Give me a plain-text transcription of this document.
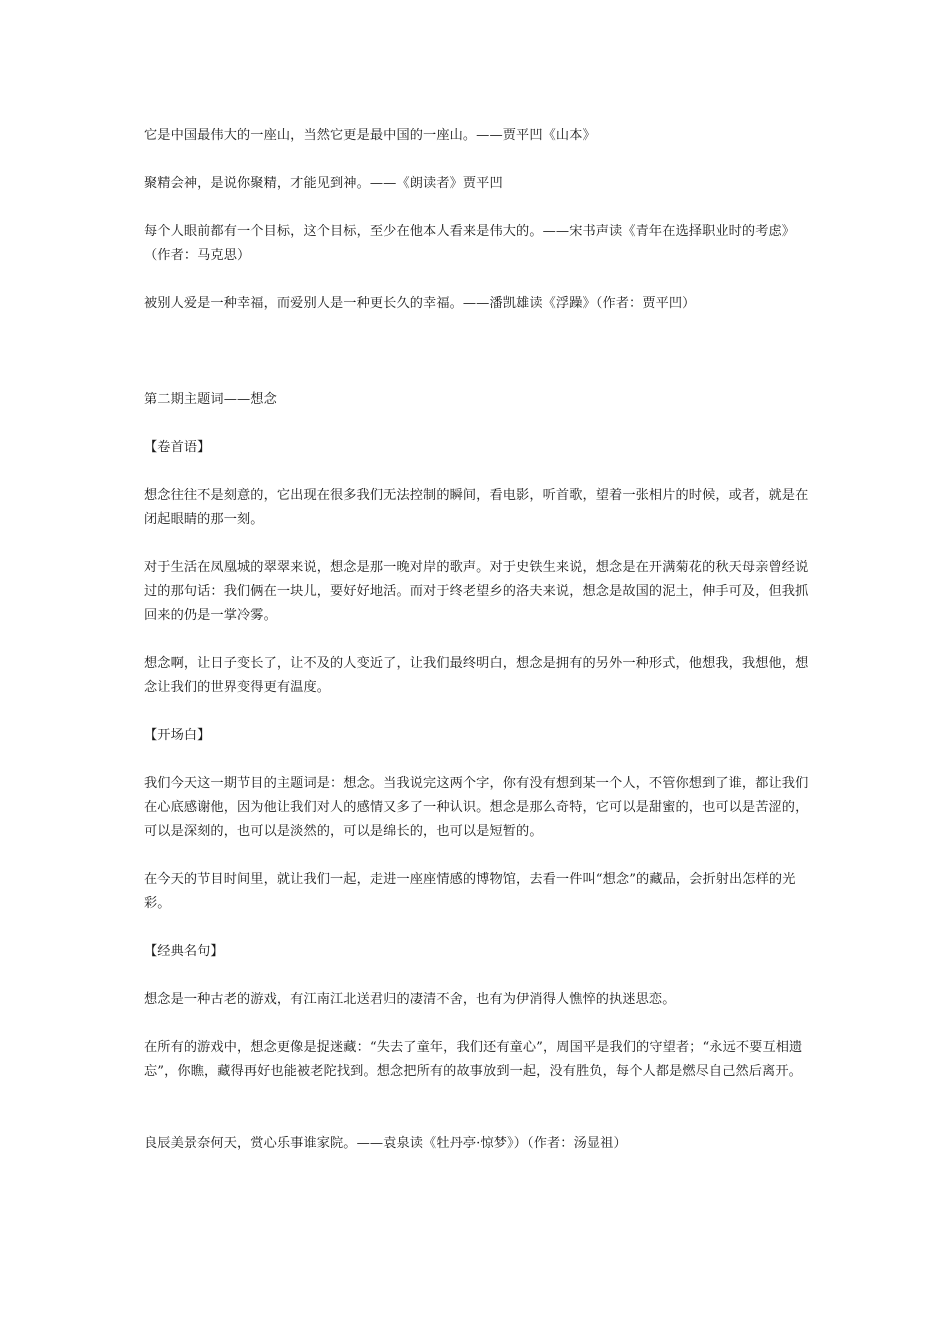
它是中国最伟大的一座山，当然它更是最中国的一座山。——贾平凹《山本》

聚精会神，是说你聚精，才能见到神。——《朗读者》贾平凹

每个人眼前都有一个目标，这个目标，至少在他本人看来是伟大的。——宋书声读《青年在选择职业时的考虑》（作者：马克思）

被别人爱是一种幸福，而爱别人是一种更长久的幸福。——潘凯雄读《浮躁》（作者：贾平凹）

第二期主题词——想念

【卷首语】

想念往往不是刻意的，它出现在很多我们无法控制的瞬间，看电影，听首歌，望着一张相片的时候，或者，就是在闭起眼睛的那一刻。

对于生活在凤凰城的翠翠来说，想念是那一晚对岸的歌声。对于史铁生来说，想念是在开满菊花的秋天母亲曾经说过的那句话：我们俩在一块儿，要好好地活。而对于终老望乡的洛夫来说，想念是故国的泥土，伸手可及，但我抓回来的仍是一掌冷雾。

想念啊，让日子变长了，让不及的人变近了，让我们最终明白，想念是拥有的另外一种形式，他想我，我想他，想念让我们的世界变得更有温度。

【开场白】

我们今天这一期节目的主题词是：想念。当我说完这两个字，你有没有想到某一个人，不管你想到了谁，都让我们在心底感谢他，因为他让我们对人的感情又多了一种认识。想念是那么奇特，它可以是甜蜜的，也可以是苦涩的，可以是深刻的，也可以是淡然的，可以是绵长的，也可以是短暂的。

在今天的节目时间里，就让我们一起，走进一座座情感的博物馆，去看一件叫“想念”的藏品，会折射出怎样的光彩。

【经典名句】

想念是一种古老的游戏，有江南江北送君归的凄清不舍，也有为伊消得人憔悴的执迷思恋。

在所有的游戏中，想念更像是捉迷藏：“失去了童年，我们还有童心”，周国平是我们的守望者；“永远不要互相遗忘”，你瞧，藏得再好也能被老陀找到。想念把所有的故事放到一起，没有胜负，每个人都是燃尽自己然后离开。

良辰美景奈何天，赏心乐事谁家院。——袁泉读《牡丹亭·惊梦》）（作者：汤显祖）
